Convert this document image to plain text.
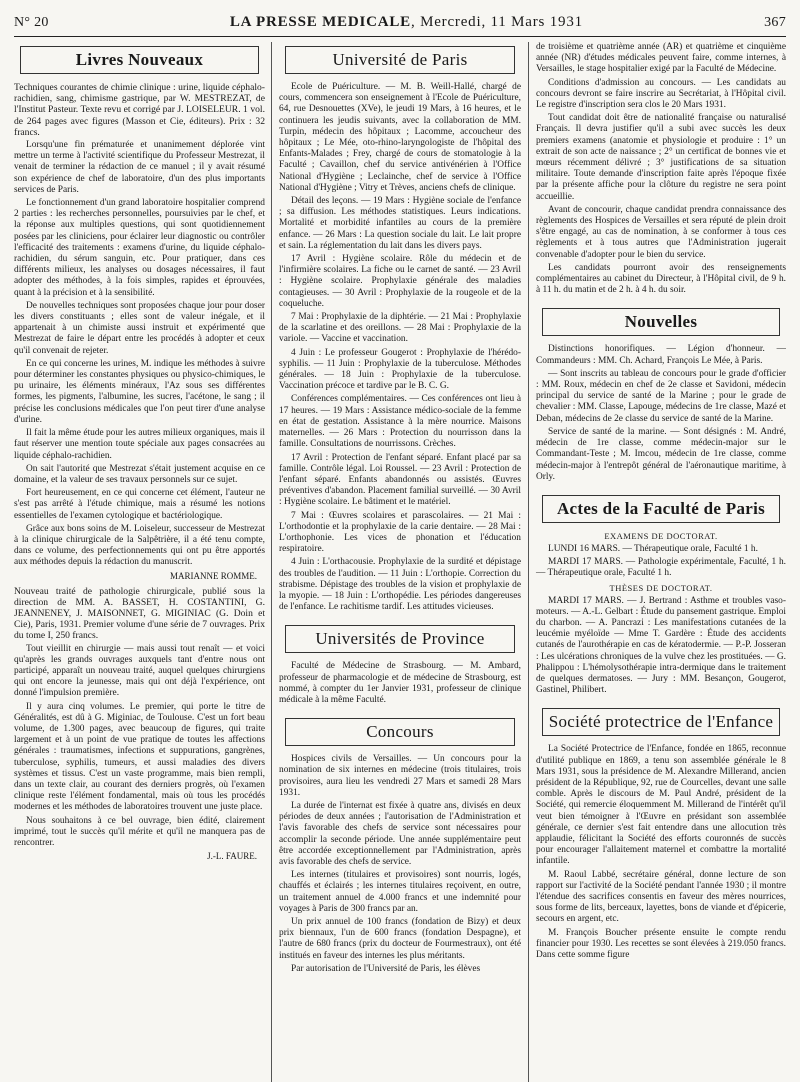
N° 20	LA PRESSE MEDICALE, Mercredi, 11 Mars 1931	367
Livres Nouveaux

Techniques courantes de chimie clinique : urine, liquide céphalo-rachidien, sang, chimisme gastrique, par W. MESTREZAT, de l'Institut Pasteur. Texte revu et corrigé par J. LOISELEUR. 1 vol. de 264 pages avec figures (Masson et Cie, éditeurs). Prix : 32 francs.

Lorsqu'une fin prématurée et unanimement déplorée vint mettre un terme à l'activité scientifique du Professeur Mestrezat, il venait de terminer la rédaction de ce manuel ; il y avait résumé son expérience de chef de laboratoire, d'un des plus importants services de Paris.

Le fonctionnement d'un grand laboratoire hospitalier comprend 2 parties : les recherches personnelles, poursuivies par le chef, et la réponse aux multiples questions, qui sont quotidiennement posées par les cliniciens, pour éclairer leur diagnostic ou contrôler l'efficacité des traitements : examens d'urine, du liquide céphalo-rachidien, du sérum sanguin, etc. Pour pratiquer, dans ces différents milieux, les analyses ou dosages nécessaires, il faut adopter des méthodes, à la fois simples, rapides et éprouvées, quant à la précision et à la sensibilité.

De nouvelles techniques sont proposées chaque jour pour doser les divers constituants ; elles sont de valeur inégale, et il appartenait à un chimiste aussi instruit et expérimenté que Mestrezat de faire le départ entre les procédés à adopter et ceux qu'il convenait de rejeter.

En ce qui concerne les urines, M. indique les méthodes à suivre pour déterminer les constantes physiques ou physico-chimiques, le pu urinaire, les éléments minéraux, l'Az sous ses différentes formes, les pigments, l'albumine, les sucres, l'acétone, le sang ; il précise les conclusions médicales que l'on peut tirer d'une analyse d'urine.

Il fait la même étude pour les autres milieux organiques, mais il faut réserver une mention toute spéciale aux pages consacrées au liquide céphalo-rachidien.

On sait l'autorité que Mestrezat s'était justement acquise en ce domaine, et la valeur de ses travaux personnels sur ce sujet.

Fort heureusement, en ce qui concerne cet élément, l'auteur ne s'est pas arrêté à l'étude chimique, mais a résumé les notions essentielles de l'examen cytologique et bactériologique.

Grâce aux bons soins de M. Loiseleur, successeur de Mestrezat à la clinique chirurgicale de la Salpêtrière, il a été tenu compte, dans ce volume, des perfectionnements qui ont pu être apportés aux méthodes depuis la rédaction du manuscrit.

MARIANNE ROMME.

Nouveau traité de pathologie chirurgicale, publié sous la direction de MM. A. BASSET, H. COSTANTINI, G. JEANNENEY, J. MAISONNET, G. MIGINIAC (G. Doin et Cie), Paris, 1931. Premier volume d'une série de 7 ouvrages. Prix du tome I, 250 francs.

Tout vieillit en chirurgie — mais aussi tout renaît — et voici qu'après les grands ouvrages auxquels tant d'entre nous ont participé, apparaît un nouveau traité, auquel quelques chirurgiens qui ont encore la jeunesse, mais qui ont déjà l'expérience, ont donné l'impulsion première.

Il y aura cinq volumes. Le premier, qui porte le titre de Généralités, est dû à G. Miginiac, de Toulouse. C'est un fort beau volume, de 1.300 pages, avec beaucoup de figures, qui traite largement et à un point de vue pratique de toutes les affections générales : traumatismes, infections et suppurations, gangrènes, tuberculose, syphilis, tumeurs, et aussi maladies des divers systèmes et tissus. C'est un vaste programme, mais bien rempli, dans un texte clair, au courant des derniers progrès, où l'examen clinique reste l'élément fondamental, mais où tous les procédés modernes et les méthodes de laboratoires trouvent une juste place.

Nous souhaitons à ce bel ouvrage, bien édité, clairement imprimé, tout le succès qu'il mérite et qu'il ne manquera pas de rencontrer.

J.-L. FAURE.
Université de Paris

Ecole de Puériculture. — M. B. Weill-Hallé, chargé de cours, commencera son enseignement à l'Ecole de Puériculture, 64, rue Desnouettes (XVe), le jeudi 19 Mars, à 16 heures, et le continuera les jeudis suivants, avec la collaboration de MM. Turpin, médecin des hôpitaux ; Lacomme, accoucheur des hôpitaux ; Le Mée, oto-rhino-laryngologiste de l'hôpital des Enfants-Malades ; Frey, chargé de cours de stomatologie à la Faculté ; Cavaillon, chef du service antivénérien à l'Office National d'Hygiène ; Leclainche, chef de service à l'Office National d'Hygiène ; Vitry et Trèves, anciens chefs de clinique.

Détail des leçons. — 19 Mars : Hygiène sociale de l'enfance ; sa diffusion. Les méthodes statistiques. Leurs indications. Mortalité et morbidité infantiles au cours de la première enfance. — 26 Mars : La question sociale du lait. Le lait propre et sain. La réglementation du lait dans les divers pays.

17 Avril : Hygiène scolaire. Rôle du médecin et de l'infirmière scolaires. La fiche ou le carnet de santé. — 23 Avril : Hygiène scolaire. Prophylaxie générale des maladies contagieuses. — 30 Avril : Prophylaxie de la rougeole et de la coqueluche.

7 Mai : Prophylaxie de la diphtérie. — 21 Mai : Prophylaxie de la scarlatine et des oreillons. — 28 Mai : Prophylaxie de la variole. — Vaccine et vaccination.

4 Juin : Le professeur Gougerot : Prophylaxie de l'hérédo-syphilis. — 11 Juin : Prophylaxie de la tuberculose. Méthodes générales. — 18 Juin : Prophylaxie de la tuberculose. Vaccination précoce et tardive par le B. C. G.

Conférences complémentaires. — Ces conférences ont lieu à 17 heures. — 19 Mars : Assistance médico-sociale de la femme en état de gestation. Assistance à la mère nourrice. Maisons maternelles. — 26 Mars : Protection du nourrisson dans la famille. Consultations de nourrissons. Crèches.

17 Avril : Protection de l'enfant séparé. Enfant placé par sa famille. Contrôle légal. Loi Roussel. — 23 Avril : Protection de l'enfant séparé. Enfants abandonnés ou assistés. Œuvres préventives d'abandon. Placement familial surveillé. — 30 Avril : Hygiène scolaire. Le bâtiment et le matériel.

7 Mai : Œuvres scolaires et parascolaires. — 21 Mai : L'orthodontie et la prophylaxie de la carie dentaire. — 28 Mai : L'orthophonie. Les vices de phonation et l'éducation respiratoire.

4 Juin : L'orthacousie. Prophylaxie de la surdité et dépistage des troubles de l'audition. — 11 Juin : L'orthopie. Correction du strabisme. Dépistage des troubles de la vision et prophylaxie de la myopie. — 18 Juin : L'orthopédie. Les périodes dangereuses de l'enfance. Le rachitisme tardif. Les attitudes vicieuses.

Universités de Province

Faculté de Médecine de Strasbourg. — M. Ambard, professeur de pharmacologie et de médecine de Strasbourg, est nommé, à compter du 1er Janvier 1931, professeur de clinique médicale à la même Faculté.

Concours

Hospices civils de Versailles. — Un concours pour la nomination de six internes en médecine (trois titulaires, trois provisoires, aura lieu les vendredi 27 Mars et samedi 28 Mars 1931.

La durée de l'internat est fixée à quatre ans, divisés en deux périodes de deux années ; l'autorisation de l'Administration et l'avis favorable des chefs de service sont nécessaires pour accomplir la seconde période. Une année supplémentaire peut être accordée exceptionnellement par l'Administration, après avis favorable des chefs de service.

Les internes (titulaires et provisoires) sont nourris, logés, chauffés et éclairés ; les internes titulaires reçoivent, en outre, un traitement annuel de 4.000 francs et une indemnité pour voyages à Paris de 300 francs par an.

Un prix annuel de 100 francs (fondation de Bizy) et deux prix biennaux, l'un de 600 francs (fondation Despagne), et l'autre de 680 francs (prix du docteur de Fourmestraux), ont été institués en faveur des internes les plus méritants.

Par autorisation de l'Université de Paris, les élèves

de troisième et quatrième année (AR) et quatrième et cinquième année (NR) d'études médicales peuvent faire, comme internes, à Versailles, le stage hospitalier exigé par la Faculté de Médecine.

Conditions d'admission au concours. — Les candidats au concours devront se faire inscrire au Secrétariat, à l'Hôpital civil. Le registre d'inscription sera clos le 20 Mars 1931.

Tout candidat doit être de nationalité française ou naturalisé Français. Il devra justifier qu'il a subi avec succès les deux premiers examens (anatomie et physiologie et produire : 1° un extrait de son acte de naissance ; 2° un certificat de bonnes vie et mœurs récemment délivré ; 3° justifications de sa situation militaire. Toute demande d'inscription faite après l'époque fixée par la présente affiche pour la clôture du registre ne sera point accueillie.

Avant de concourir, chaque candidat prendra connaissance des règlements des Hospices de Versailles et sera réputé de plein droit s'être engagé, au cas de nomination, à se conformer à tous ces règlements et à tous autres que l'Administration jugerait convenable d'adopter pour le bien du service.

Les candidats pourront avoir des renseignements complémentaires au cabinet du Directeur, à l'Hôpital civil, de 9 h. à 11 h. du matin et de 2 h. à 4 h. du soir.

Nouvelles

Distinctions honorifiques. — Légion d'honneur. — Commandeurs : MM. Ch. Achard, François Le Mée, à Paris.

— Sont inscrits au tableau de concours pour le grade d'officier : MM. Roux, médecin en chef de 2e classe et Savidoni, médecin principal du service de santé de la Marine ; pour le grade de chevalier : MM. Classe, Lapouge, médecins de 1re classe, Mazé et Deban, médecins de 2e classe du service de santé de la Marine.

Service de santé de la marine. — Sont désignés : M. André, médecin de 1re classe, comme médecin-major sur le Commandant-Teste ; M. Imcou, médecin de 1re classe, comme médecin-major à l'entrepôt général de l'aéronautique maritime, à Orly.

Actes de la Faculté de Paris
EXAMENS DE DOCTORAT.

LUNDI 16 MARS. — Thérapeutique orale, Faculté 1 h.

MARDI 17 MARS. — Pathologie expérimentale, Faculté, 1 h. — Thérapeutique orale, Faculté 1 h.

THÈSES DE DOCTORAT.

MARDI 17 MARS. — J. Bertrand : Asthme et troubles vaso-moteurs. — A.-L. Gelbart : Étude du pansement gastrique. Emploi du charbon. — A. Pancrazi : Les manifestations cutanées de la leucémie myéloïde — Mme T. Gardère : Étude des accidents cutanés de l'aurothérapie en cas de kératodermie. — P.-P. Josseran : Les ulcérations chroniques de la vulve chez les prostituées. — G. Phalippou : L'hémolysothérapie intra-dermique dans le traitement de quelques dermatoses. — Jury : MM. Besançon, Gougerot, Gastinel, Philibert.

Société protectrice de l'Enfance

La Société Protectrice de l'Enfance, fondée en 1865, reconnue d'utilité publique en 1869, a tenu son assemblée générale le 8 Mars 1931, sous la présidence de M. Alexandre Millerand, ancien président de la République, 92, rue de Courcelles, devant une salle comble. Après le discours de M. Paul André, président de la Société, qui remercie éloquemment M. Millerand de l'intérêt qu'il veut bien témoigner à l'Œuvre en présidant son assemblée générale, ce dernier s'est fait entendre dans une allocution très applaudie, félicitant la Société des efforts couronnés de succès pour encourager l'allaitement maternel et combattre la mortalité infantile.

M. Raoul Labbé, secrétaire général, donne lecture de son rapport sur l'activité de la Société pendant l'année 1930 ; il montre l'étendue des sacrifices consentis en faveur des mères nourrices, sous forme de lits, berceaux, layettes, bons de viande et d'épicerie, secours en argent, etc.

M. François Boucher présente ensuite le compte rendu financier pour 1930. Les recettes se sont élevées à 219.050 francs. Dans cette somme figure
